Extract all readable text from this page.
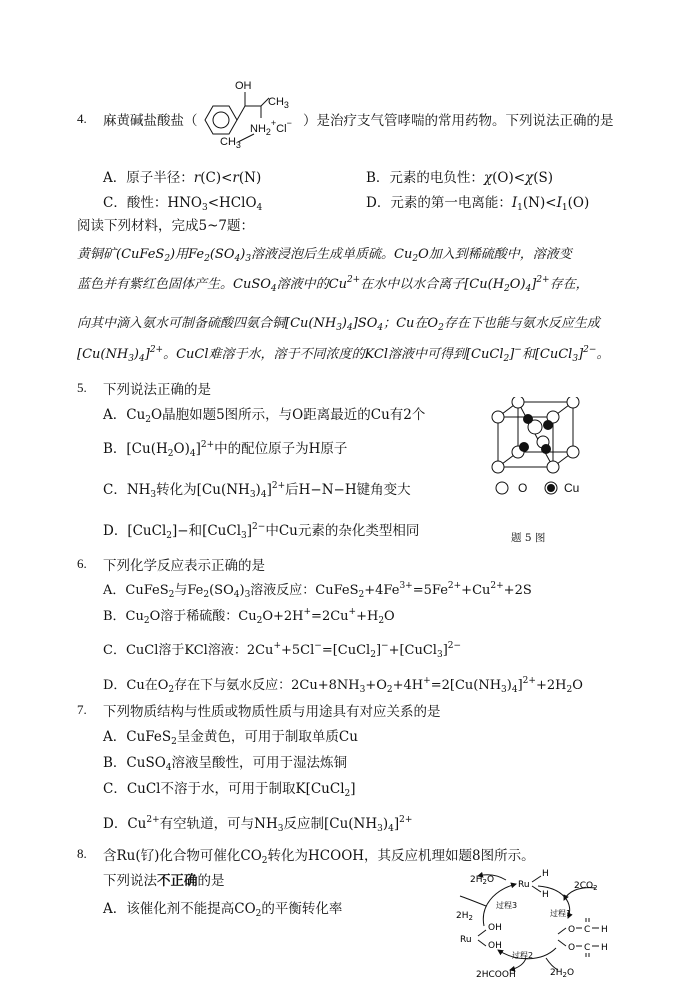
4. 麻黄碱盐酸盐（
OH
$CH_3$
$NH_2^+Cl^-$
$CH_3$
）是治疗支气管哮喘的常用药物。下列说法正确的是
A．原子半径：r(C)<r(N)	B．元素的电负性：χ(O)<χ(S)
C．酸性：$HNO_3<HClO_4$	D．元素的第一电离能：$I_1(N)<I_1(O)$
阅读下列材料，完成5~7题：
黄铜矿(CuFeS$_2$)用$Fe_2(SO_4)_3$溶液浸泡后生成单质硫。$Cu_2O$加入到稀硫酸中，溶液变
蓝色并有紫红色固体产生。CuSO$_4$溶液中的$Cu^{2+}$在水中以水合离子$[Cu(H_2O)_4]^{2+}$存在，
向其中滴入氨水可制备硫酸四氨合铜$[Cu(NH_3)_4]SO_4$；Cu在$O_2$存在下也能与氨水反应生成
$[Cu(NH_3)_4]^{2+}$。CuCl难溶于水，溶于不同浓度的KCl溶液中可得到[CuCl$_2$]−和[CuCl$_3$]$^{2-}$。
5. 下列说法正确的是
A．$Cu_2O$晶胞如题5图所示，与O距离最近的Cu有2个
B．$[Cu(H_2O)_4]^{2+}$中的配位原子为H原子
C．$NH_3$转化为$[Cu(NH_3)_4]^{2+}$后H−N−H键角变大
D．[CuCl$_2$]−和[CuCl$_3$]$^{2-}$中Cu元素的杂化类型相同
O	Cu
题 5 图
6. 下列化学反应表示正确的是
A．CuFeS$_2$与$Fe_2(SO_4)_3$溶液反应：$CuFeS_2+4Fe^{3+}=5Fe^{2+}+Cu^{2+}+2S$
B．$Cu_2O$溶于稀硫酸：$Cu_2O+2H^+=2Cu^++H_2O$
C．CuCl溶于KCl溶液：2Cu++5Cl−=[CuCl$_2$]−+[CuCl$_3$]$^{2-}$
D．Cu在$O_2$存在下与氨水反应：$2Cu+8NH_3+O_2+4H^+=2[Cu(NH_3)_4]^{2+}+2H_2O$
7. 下列物质结构与性质或物质性质与用途具有对应关系的是
A．CuFeS$_2$呈金黄色，可用于制取单质Cu
B．CuSO$_4$溶液呈酸性，可用于湿法炼铜
C．CuCl不溶于水，可用于制取K[CuCl$_2$]
D．$Cu^{2+}$有空轨道，可与$NH_3$反应制$[Cu(NH_3)_4]^{2+}$
8. 含Ru(钌)化合物可催化$CO_2$转化为HCOOH，其反应机理如题8图所示。
下列说法不正确的是
A．该催化剂不能提高$CO_2$的平衡转化率
$2H_2O$	Ru
H
H
$2CO_2$
过程3
过程1
$2H_2$
OH
Ru
OH
O C H
O C H
过程2
2HCOOH	$2H_2O$
